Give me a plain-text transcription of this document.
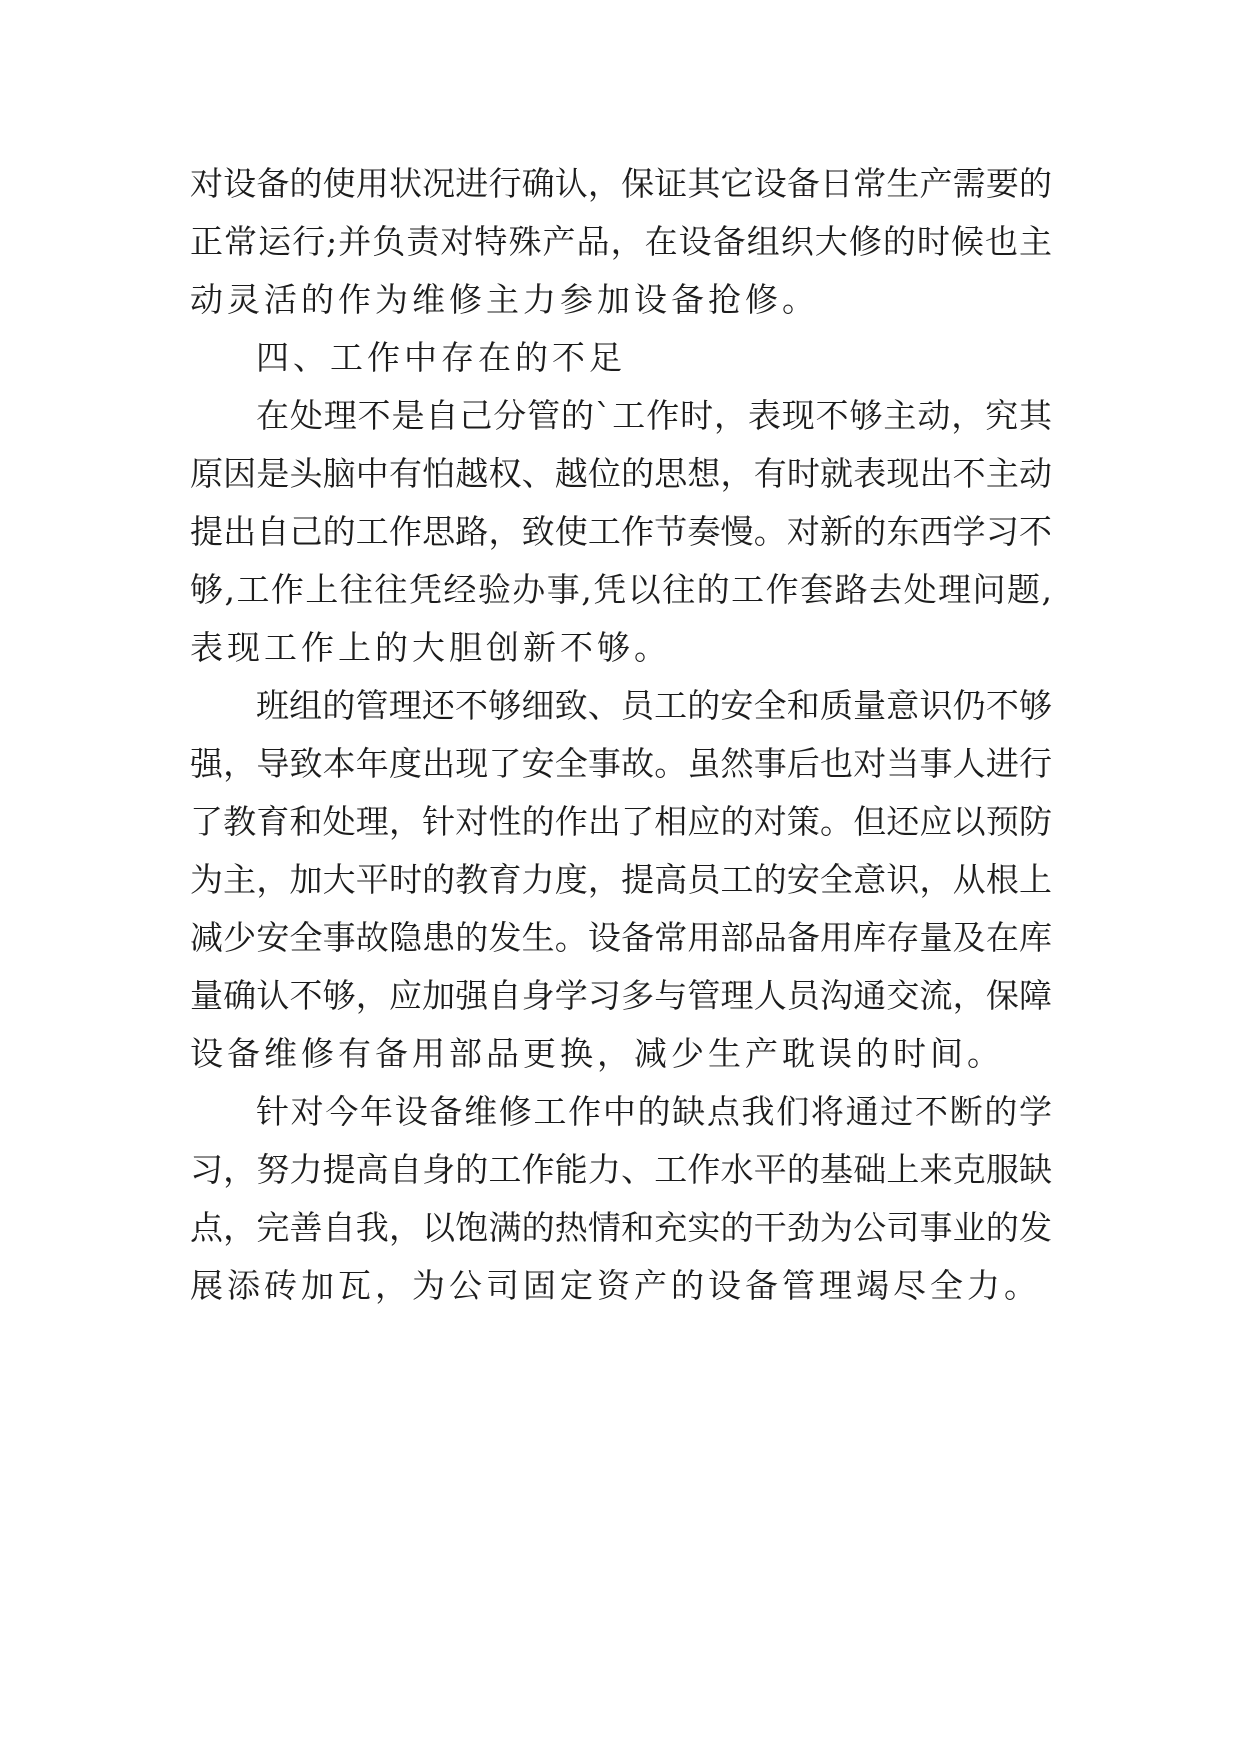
对设备的使用状况进行确认，保证其它设备日常生产需要的
正常运行;并负责对特殊产品，在设备组织大修的时候也主
动灵活的作为维修主力参加设备抢修。
四、工作中存在的不足
在处理不是自己分管的`工作时，表现不够主动，究其
原因是头脑中有怕越权、越位的思想，有时就表现出不主动
提出自己的工作思路，致使工作节奏慢。对新的东西学习不
够,工作上往往凭经验办事,凭以往的工作套路去处理问题,
表现工作上的大胆创新不够。
班组的管理还不够细致、员工的安全和质量意识仍不够
强，导致本年度出现了安全事故。虽然事后也对当事人进行
了教育和处理，针对性的作出了相应的对策。但还应以预防
为主，加大平时的教育力度，提高员工的安全意识，从根上
减少安全事故隐患的发生。设备常用部品备用库存量及在库
量确认不够，应加强自身学习多与管理人员沟通交流，保障
设备维修有备用部品更换，减少生产耽误的时间。
针对今年设备维修工作中的缺点我们将通过不断的学
习，努力提高自身的工作能力、工作水平的基础上来克服缺
点，完善自我，以饱满的热情和充实的干劲为公司事业的发
展添砖加瓦，为公司固定资产的设备管理竭尽全力。
